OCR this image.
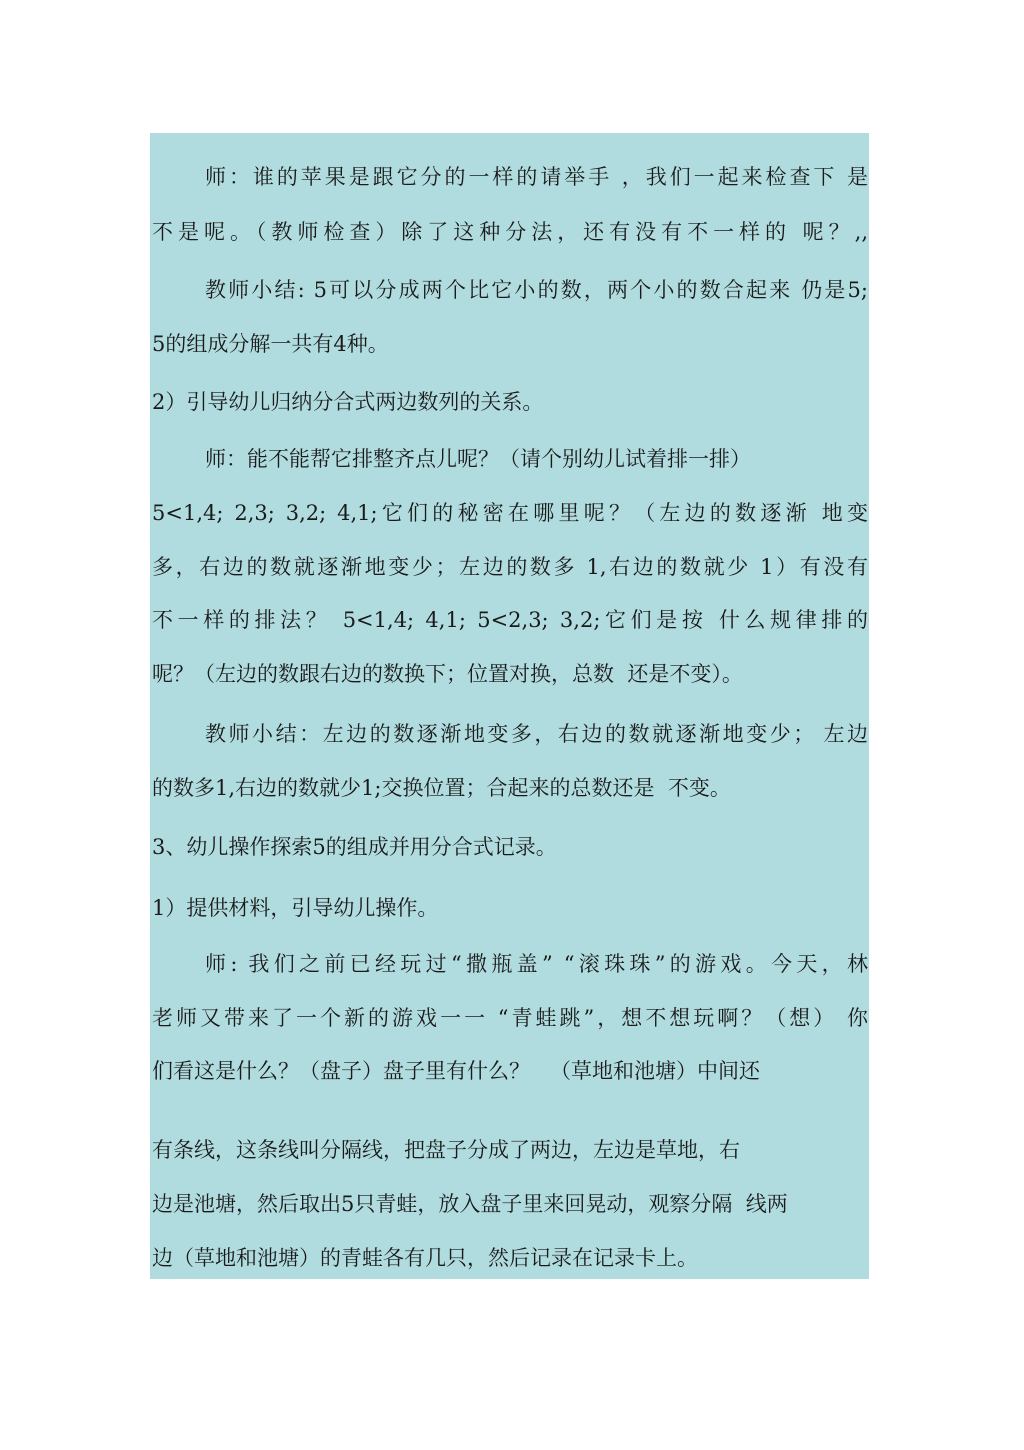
师：谁的苹果是跟它分的一样的请举手 ，我们一起来检查下 是
不是呢。（教师检查）除了这种分法，还有没有不一样的 呢？,,
教师小结: 5可以分成两个比它小的数，两个小的数合起来 仍是5;
5的组成分解一共有4种。
2）引导幼儿归纳分合式两边数列的关系。
师：能不能帮它排整齐点儿呢？（请个别幼儿试着排一排）
5<1,4; 2,3; 3,2; 4,1;它们的秘密在哪里呢？（左边的数逐渐 地变
多，右边的数就逐渐地变少；左边的数多 1,右边的数就少 1）有没有
不一样的排法？ 5<1,4; 4,1; 5<2,3; 3,2;它们是按 什么规律排的
呢？（左边的数跟右边的数换下；位置对换，总数  还是不变）。
教师小结：左边的数逐渐地变多，右边的数就逐渐地变少； 左边
的数多1,右边的数就少1;交换位置；合起来的总数还是  不变。
3、幼儿操作探索5的组成并用分合式记录。
1）提供材料，引导幼儿操作。
师: 我们之前已经玩过“撒瓶盖” “滚珠珠”的游戏。今天，林
老师又带来了一个新的游戏一一 “青蛙跳”，想不想玩啊？（想） 你
们看这是什么？（盘子）盘子里有什么？   （草地和池塘）中间还
有条线，这条线叫分隔线，把盘子分成了两边，左边是草地，右
边是池塘，然后取出5只青蛙，放入盘子里来回晃动，观察分隔  线两
边（草地和池塘）的青蛙各有几只，然后记录在记录卡上。
